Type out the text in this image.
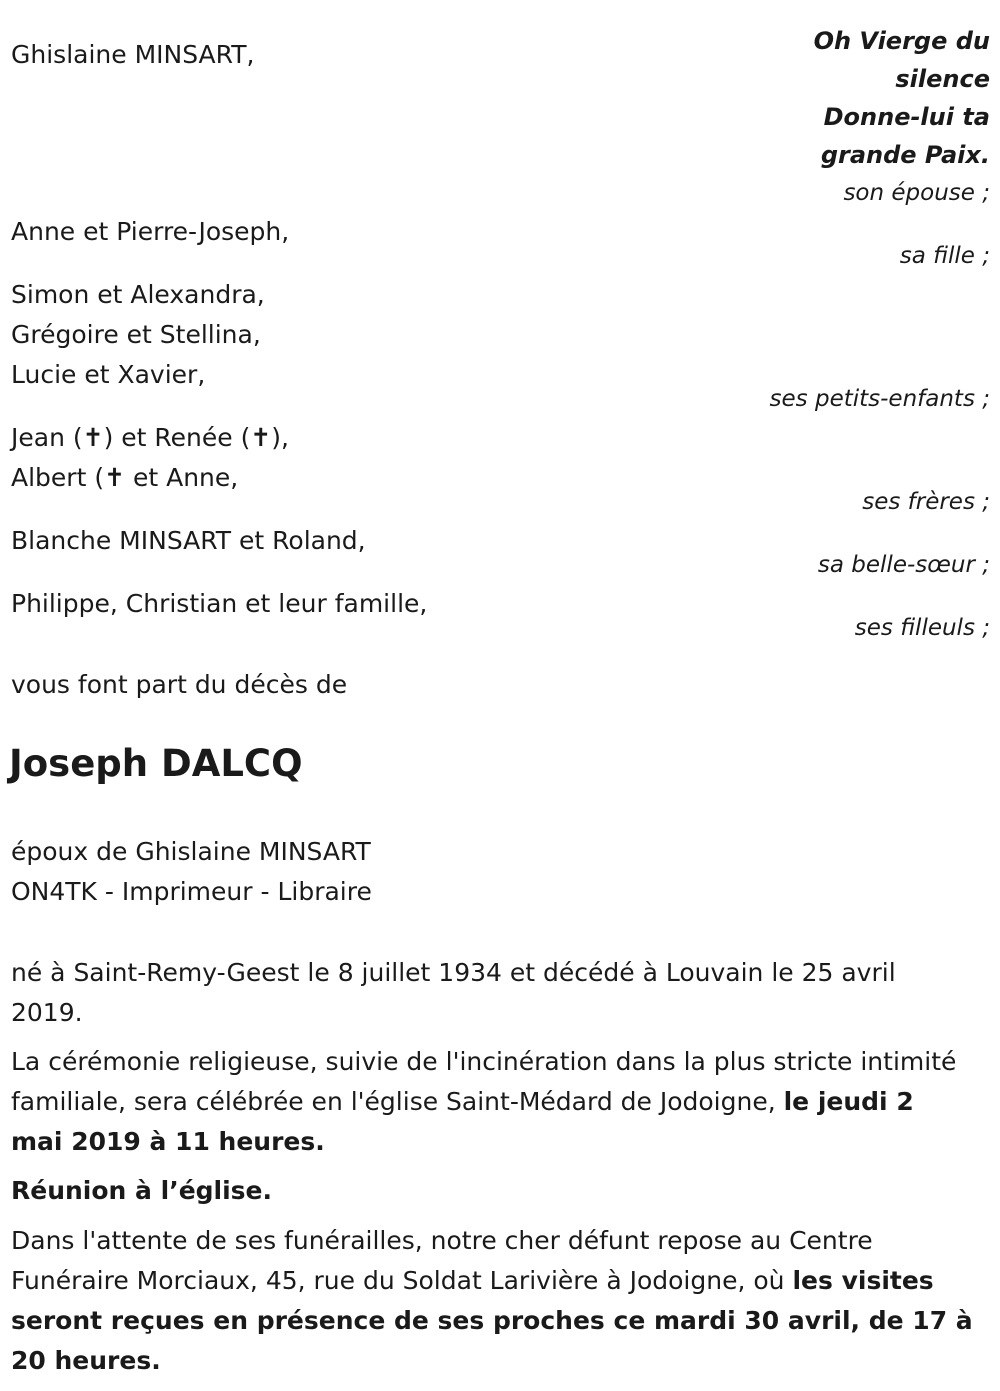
Oh Vierge du
silence
Donne-lui ta
grande Paix.
Ghislaine MINSART,
son épouse ;
Anne et Pierre-Joseph,
sa fille ;
Simon et Alexandra,
Grégoire et Stellina,
Lucie et Xavier,
ses petits-enfants ;
Jean (✝) et Renée (✝),
Albert (✝ et Anne,
ses frères ;
Blanche MINSART et Roland,
sa belle-sœur ;
Philippe, Christian et leur famille,
ses filleuls ;
vous font part du décès de
Joseph DALCQ
époux de Ghislaine MINSART
ON4TK - Imprimeur - Libraire
né à Saint-Remy-Geest le 8 juillet 1934 et décédé à Louvain le 25 avril 2019.
La cérémonie religieuse, suivie de l'incinération dans la plus stricte intimité familiale, sera célébrée en l'église Saint-Médard de Jodoigne, le jeudi 2 mai 2019 à 11 heures.
Réunion à l’église.
Dans l'attente de ses funérailles, notre cher défunt repose au Centre Funéraire Morciaux, 45, rue du Soldat Larivière à Jodoigne, où les visites seront reçues en présence de ses proches ce mardi 30 avril, de 17 à 20 heures.
